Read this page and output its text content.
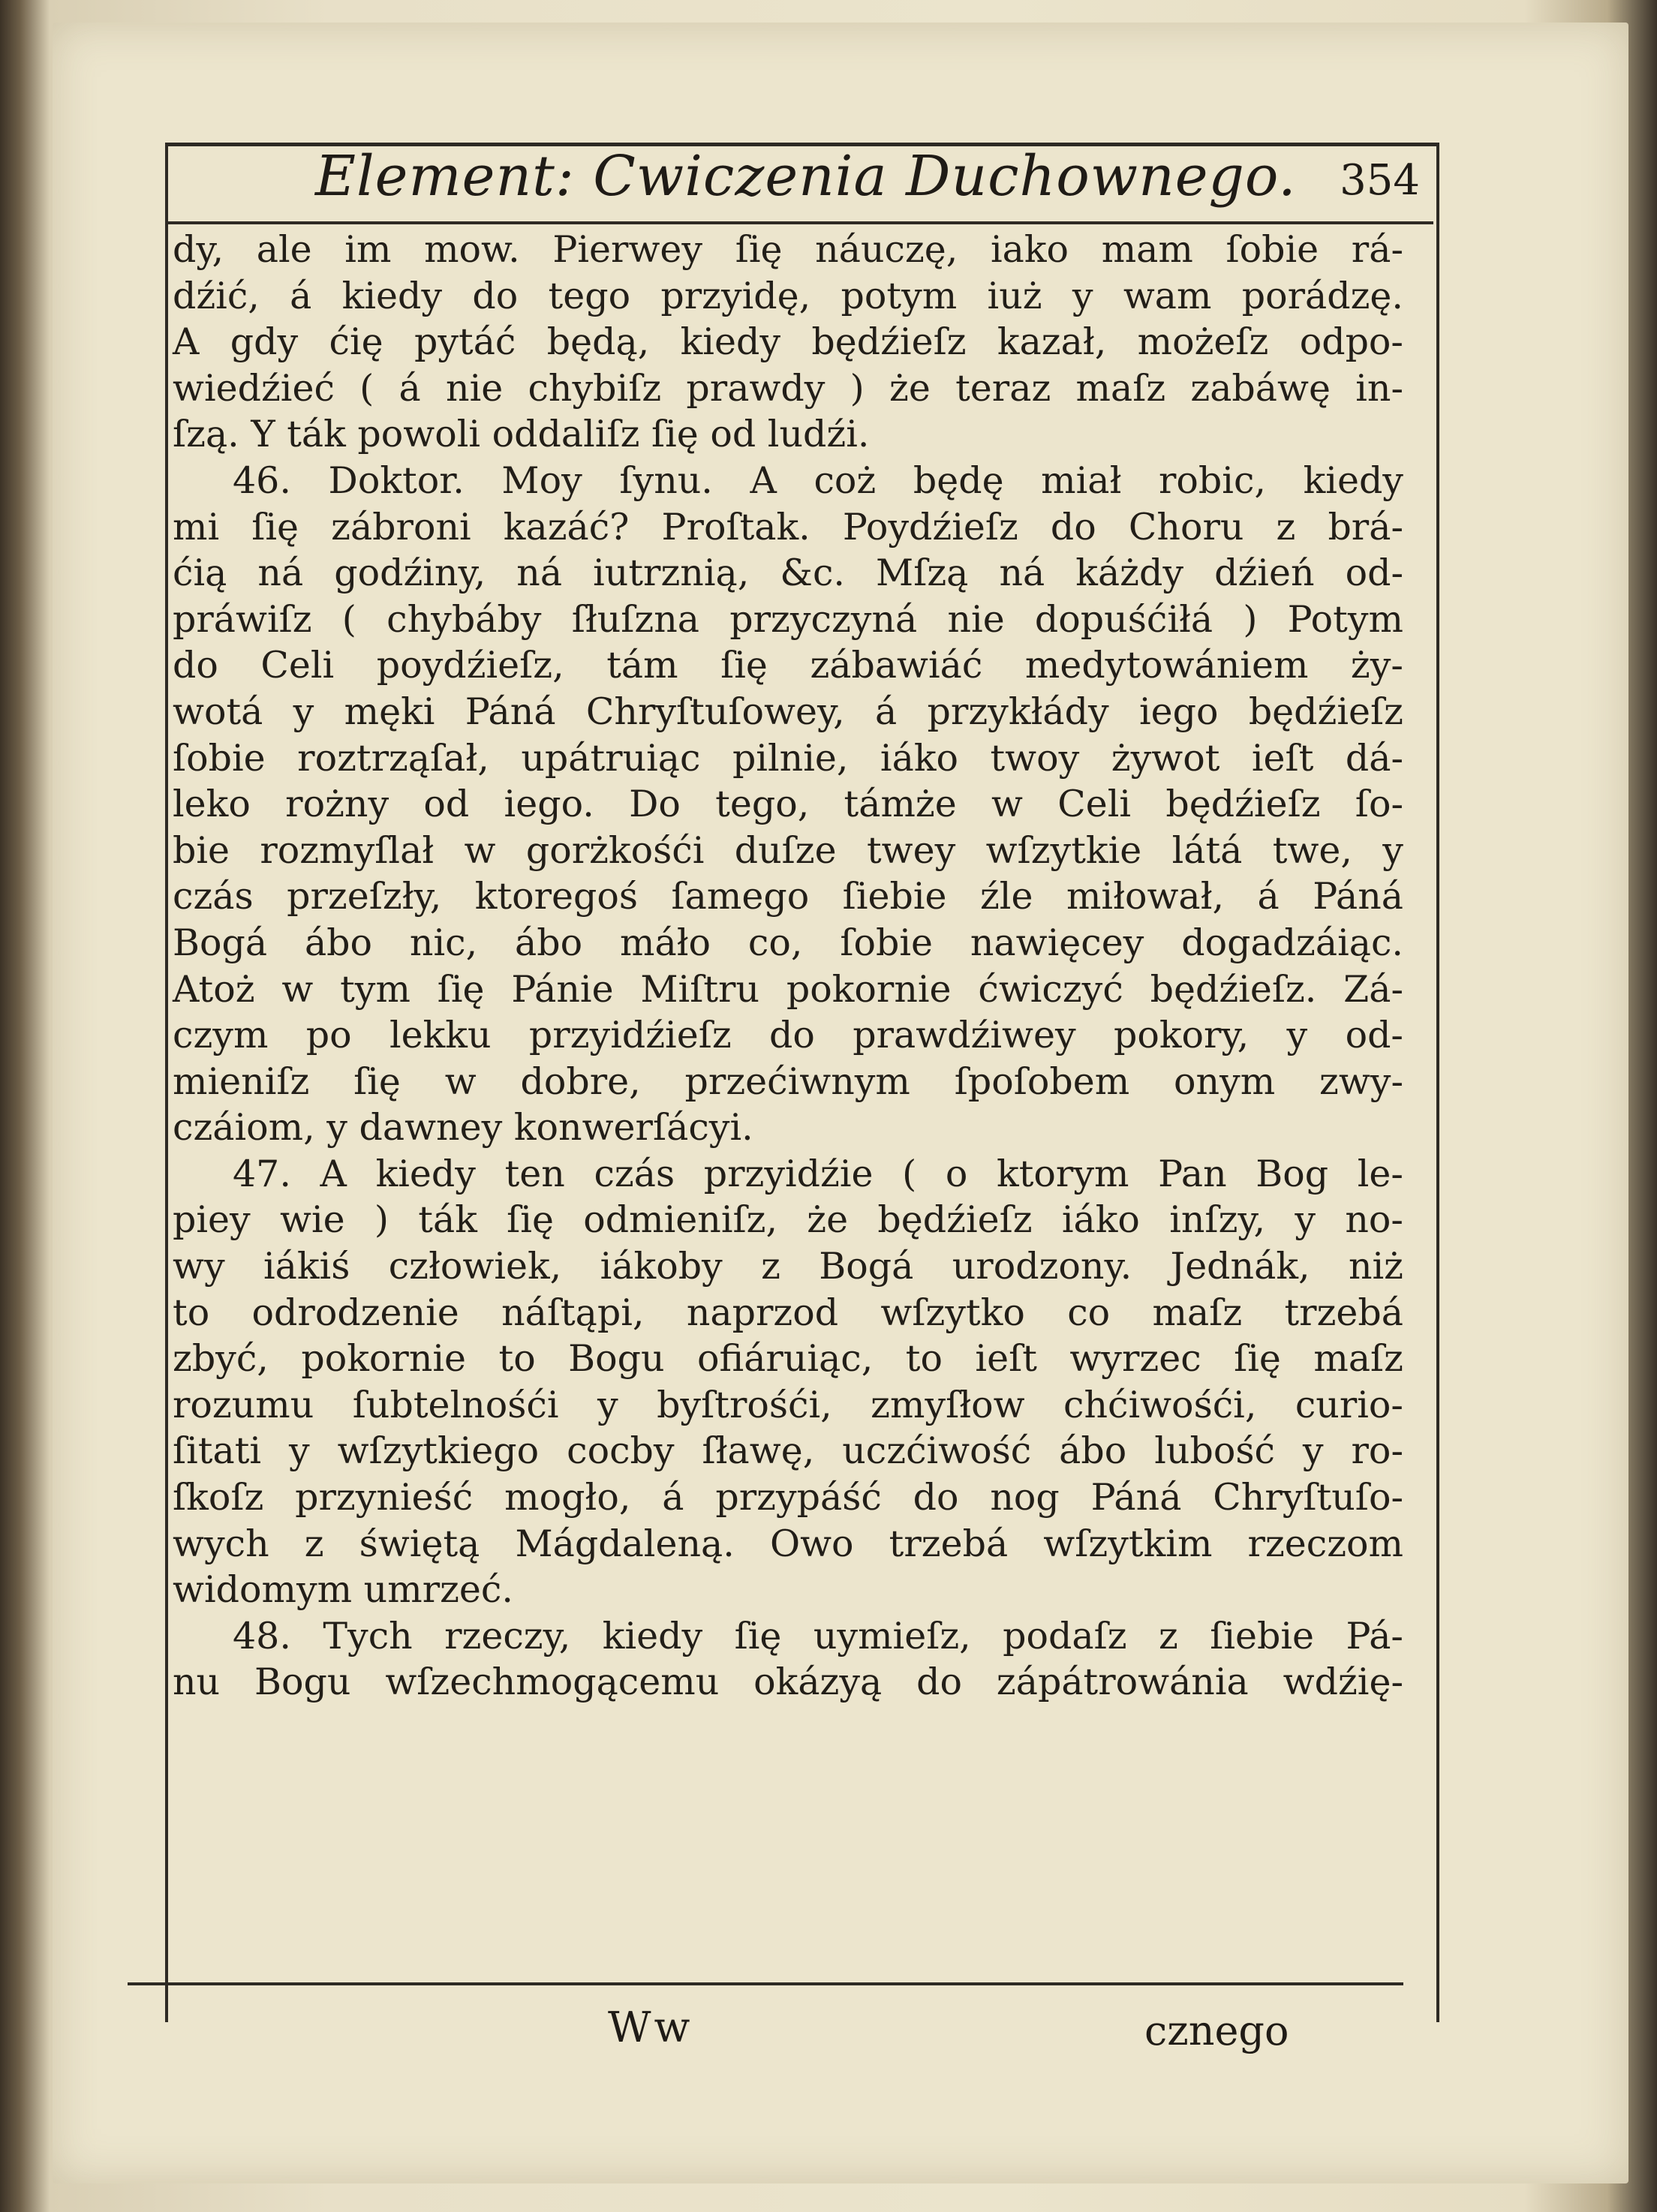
Element: Cwiczenia Duchownego. 354
dy, ale im mow. Pierwey ſię náuczę, iako mam ſobie rá-
dźić, á kiedy do tego przyidę, potym iuż y wam porádzę.
A gdy ćię pytáć będą, kiedy będźieſz kazał, możeſz odpo-
wiedźieć ( á nie chybiſz prawdy ) że teraz maſz zabáwę in-
ſzą. Y ták powoli oddaliſz ſię od ludźi.
46. Doktor. Moy ſynu. A coż będę miał robic, kiedy
mi ſię zábroni kazáć? Proſtak. Poydźieſz do Choru z brá-
ćią ná godźiny, ná iutrznią, &c. Mſzą ná káżdy dźień od-
práwiſz ( chybáby ſłuſzna przyczyná nie dopuśćiłá ) Potym
do Celi poydźieſz, tám ſię zábawiáć medytowániem ży-
wotá y męki Páná Chryſtuſowey, á przykłády iego będźieſz
ſobie roztrząſał, upátruiąc pilnie, iáko twoy żywot ieſt dá-
leko rożny od iego. Do tego, támże w Celi będźieſz ſo-
bie rozmyſlał w gorżkośći duſze twey wſzytkie látá twe, y
czás przeſzły, ktoregoś ſamego ſiebie źle miłował, á Páná
Bogá ábo nic, ábo máło co, ſobie nawięcey dogadzáiąc.
Atoż w tym ſię Pánie Miſtru pokornie ćwiczyć będźieſz. Zá-
czym po lekku przyidźieſz do prawdźiwey pokory, y od-
mieniſz ſię w dobre, przećiwnym ſpoſobem onym zwy-
czáiom, y dawney konwerſácyi.
47. A kiedy ten czás przyidźie ( o ktorym Pan Bog le-
piey wie ) ták ſię odmieniſz, że będźieſz iáko inſzy, y no-
wy iákiś człowiek, iákoby z Bogá urodzony. Jednák, niż
to odrodzenie náſtąpi, naprzod wſzytko co maſz trzebá
zbyć, pokornie to Bogu ofiáruiąc, to ieſt wyrzec ſię maſz
rozumu ſubtelnośći y byſtrośći, zmyſłow chćiwośći, curio-
ſitati y wſzytkiego cocby ſławę, uczćiwość ábo lubość y ro-
ſkoſz przynieść mogło, á przypáść do nog Páná Chryſtuſo-
wych z świętą Mágdaleną. Owo trzebá wſzytkim rzeczom
widomym umrzeć.
48. Tych rzeczy, kiedy ſię uymieſz, podaſz z ſiebie Pá-
nu Bogu wſzechmogącemu okázyą do zápátrowánia wdźię-
Ww	cznego
